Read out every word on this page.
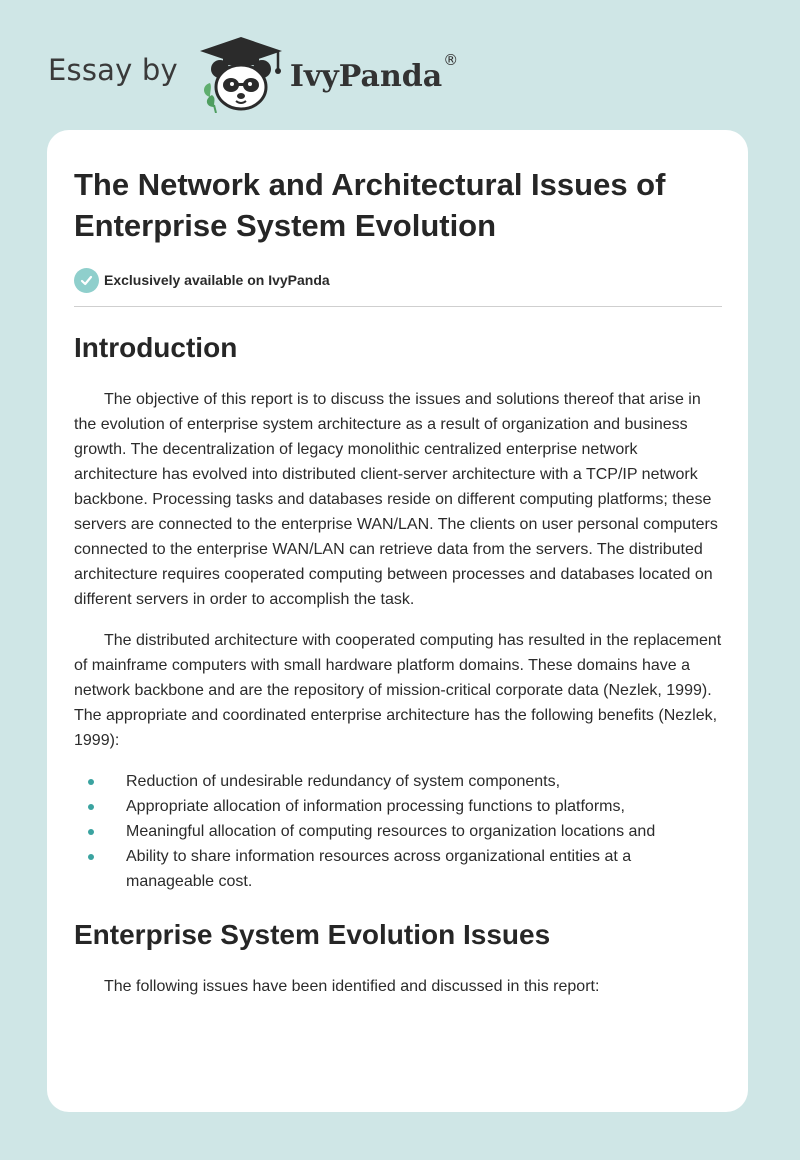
Essay by	IvyPanda®
The Network and Architectural Issues of Enterprise System Evolution
Exclusively available on IvyPanda
Introduction

The objective of this report is to discuss the issues and solutions thereof that arise in the evolution of enterprise system architecture as a result of organization and business growth. The decentralization of legacy monolithic centralized enterprise network architecture has evolved into distributed client-server architecture with a TCP/IP network backbone. Processing tasks and databases reside on different computing platforms; these servers are connected to the enterprise WAN/LAN. The clients on user personal computers connected to the enterprise WAN/LAN can retrieve data from the servers. The distributed architecture requires cooperated computing between processes and databases located on different servers in order to accomplish the task.

The distributed architecture with cooperated computing has resulted in the replacement of mainframe computers with small hardware platform domains. These domains have a network backbone and are the repository of mission-critical corporate data (Nezlek, 1999). The appropriate and coordinated enterprise architecture has the following benefits (Nezlek, 1999):

Reduction of undesirable redundancy of system components,
Appropriate allocation of information processing functions to platforms,
Meaningful allocation of computing resources to organization locations and
Ability to share information resources across organizational entities at a manageable cost.
Enterprise System Evolution Issues

The following issues have been identified and discussed in this report:
